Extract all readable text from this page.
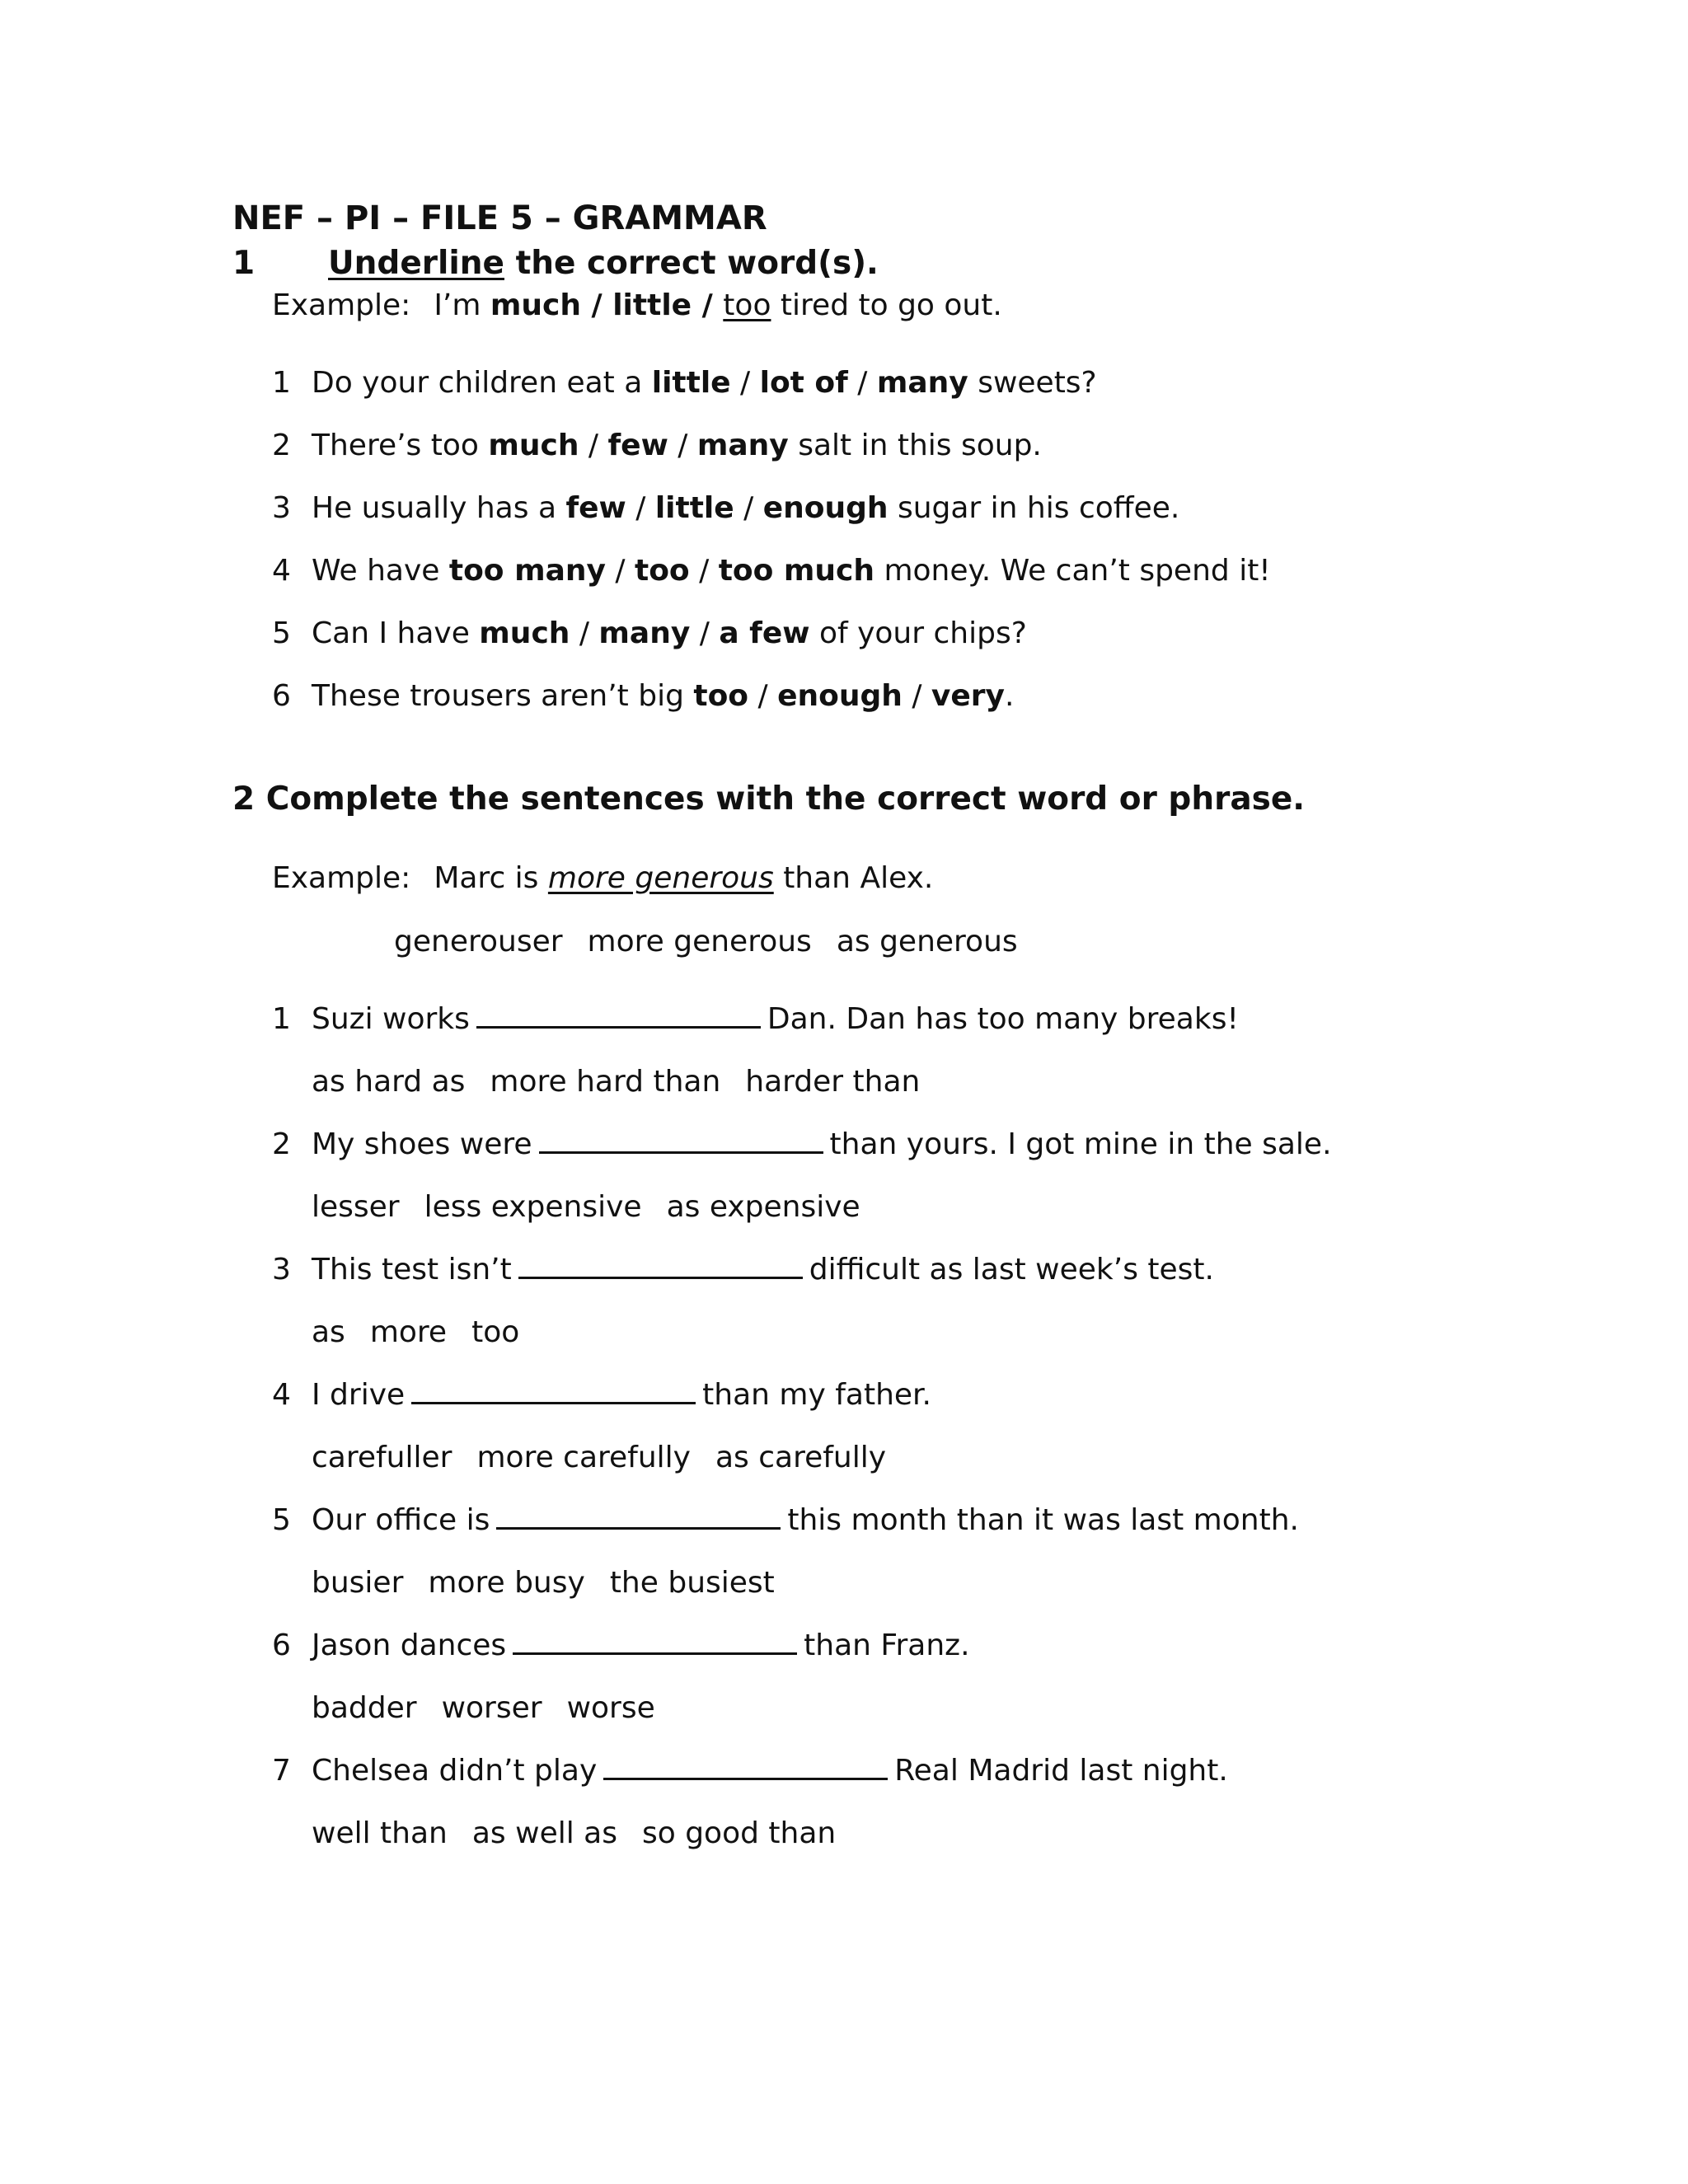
NEF – PI – FILE 5 – GRAMMAR
1 Underline the correct word(s).
Example: I’m much / little / too tired to go out.
1 Do your children eat a little / lot of / many sweets?
2 There’s too much / few / many salt in this soup.
3 He usually has a few / little / enough sugar in his coffee.
4 We have too many / too / too much money. We can’t spend it!
5 Can I have much / many / a few of your chips?
6 These trousers aren’t big too / enough / very.
2 Complete the sentences with the correct word or phrase.
Example: Marc is more generous than Alex.
generouser more generous as generous
1 Suzi works	Dan. Dan has too many breaks!
as hard as more hard than harder than
2 My shoes were	than yours. I got mine in the sale.
lesser less expensive as expensive
3 This test isn’t	difficult as last week’s test.
as more too
4 I drive	than my father.
carefuller more carefully as carefully
5 Our office is	this month than it was last month.
busier more busy the busiest
6 Jason dances	than Franz.
badder worser worse
7 Chelsea didn’t play	Real Madrid last night.
well than as well as so good than
